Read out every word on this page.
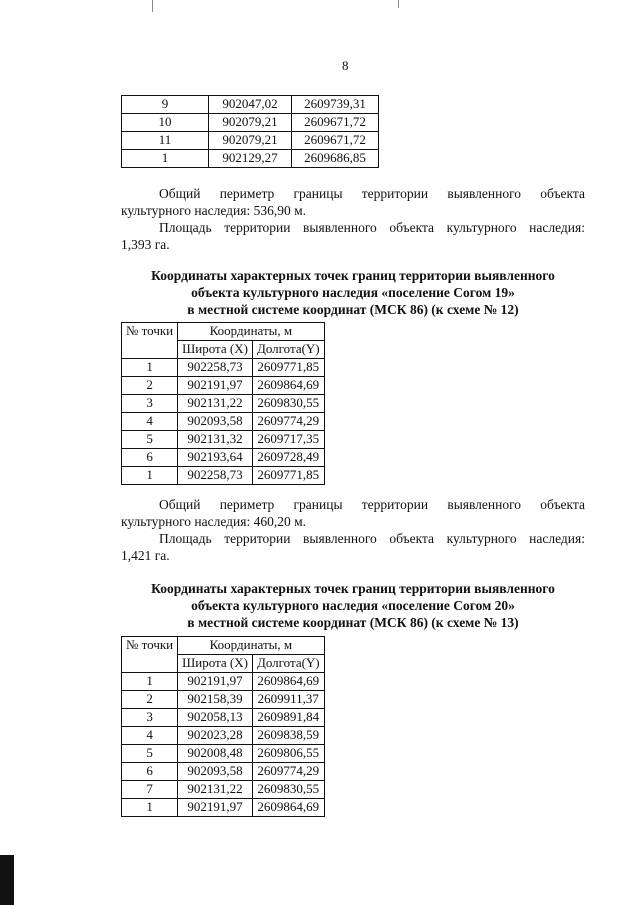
8
9	902047,02	2609739,31
10	902079,21	2609671,72
11	902079,21	2609671,72
1	902129,27	2609686,85
Общий периметр границы территории выявленного объекта
культурного наследия: 536,90 м.
Площадь территории выявленного объекта культурного наследия:
1,393 га.
Координаты характерных точек границ территории выявленного
объекта культурного наследия «поселение Согом 19»
в местной системе координат (МСК 86) (к схеме № 12)
№ точки	Координаты, м	
	Широта (X)	Долгота(Y)
1	902258,73	2609771,85
2	902191,97	2609864,69
3	902131,22	2609830,55
4	902093,58	2609774,29
5	902131,32	2609717,35
6	902193,64	2609728,49
1	902258,73	2609771,85
Общий периметр границы территории выявленного объекта
культурного наследия: 460,20 м.
Площадь территории выявленного объекта культурного наследия:
1,421 га.
Координаты характерных точек границ территории выявленного
объекта культурного наследия «поселение Согом 20»
в местной системе координат (МСК 86) (к схеме № 13)
№ точки	Координаты, м	
	Широта (X)	Долгота(Y)
1	902191,97	2609864,69
2	902158,39	2609911,37
3	902058,13	2609891,84
4	902023,28	2609838,59
5	902008,48	2609806,55
6	902093,58	2609774,29
7	902131,22	2609830,55
1	902191,97	2609864,69
